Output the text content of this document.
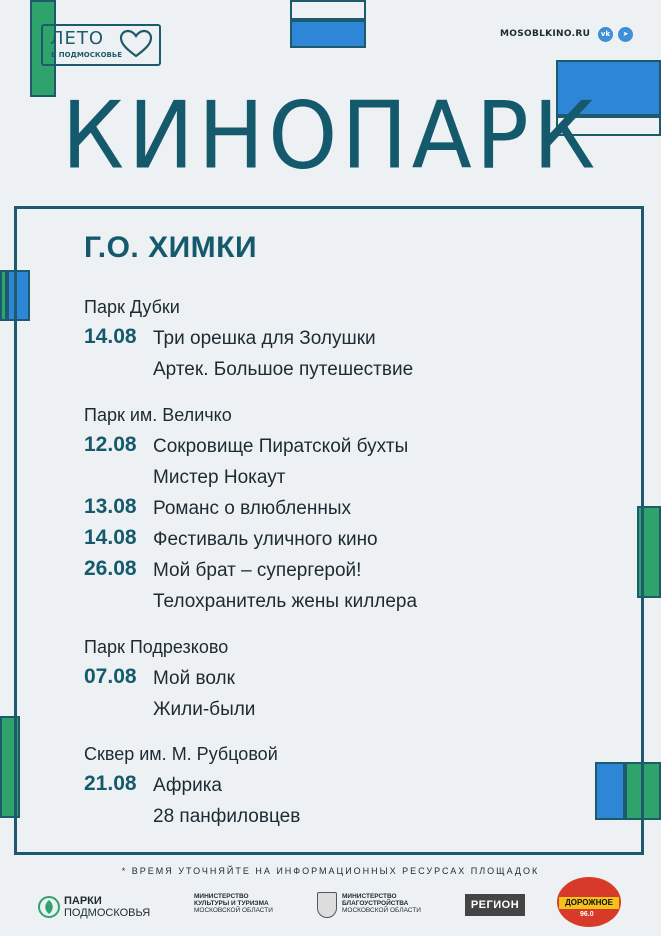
ЛЕТО
В ПОДМОСКОВЬЕ
MOSOBLKINO.RU	vk	➤
КИНОПАРК
Г.О. ХИМКИ
Парк Дубки
14.08 Три орешка для Золушки
Артек. Большое путешествие
Парк им. Величко
12.08 Сокровище Пиратской бухты
Мистер Нокаут
13.08 Романс о влюбленных
14.08 Фестиваль уличного кино
26.08 Мой брат – супергерой!
Телохранитель жены киллера
Парк Подрезково
07.08 Мой волк
Жили-были
Сквер им. М. Рубцовой
21.08 Африка
28 панфиловцев
* ВРЕМЯ УТОЧНЯЙТЕ НА ИНФОРМАЦИОННЫХ РЕСУРСАХ ПЛОЩАДОК
ПАРКИ
ПОДМОСКОВЬЯ
МИНИСТЕРСТВО
КУЛЬТУРЫ И ТУРИЗМА
МОСКОВСКОЙ ОБЛАСТИ
МИНИСТЕРСТВО
БЛАГОУСТРОЙСТВА
МОСКОВСКОЙ ОБЛАСТИ	РЕГИОН	ДОРОЖНОЕ
96.0
